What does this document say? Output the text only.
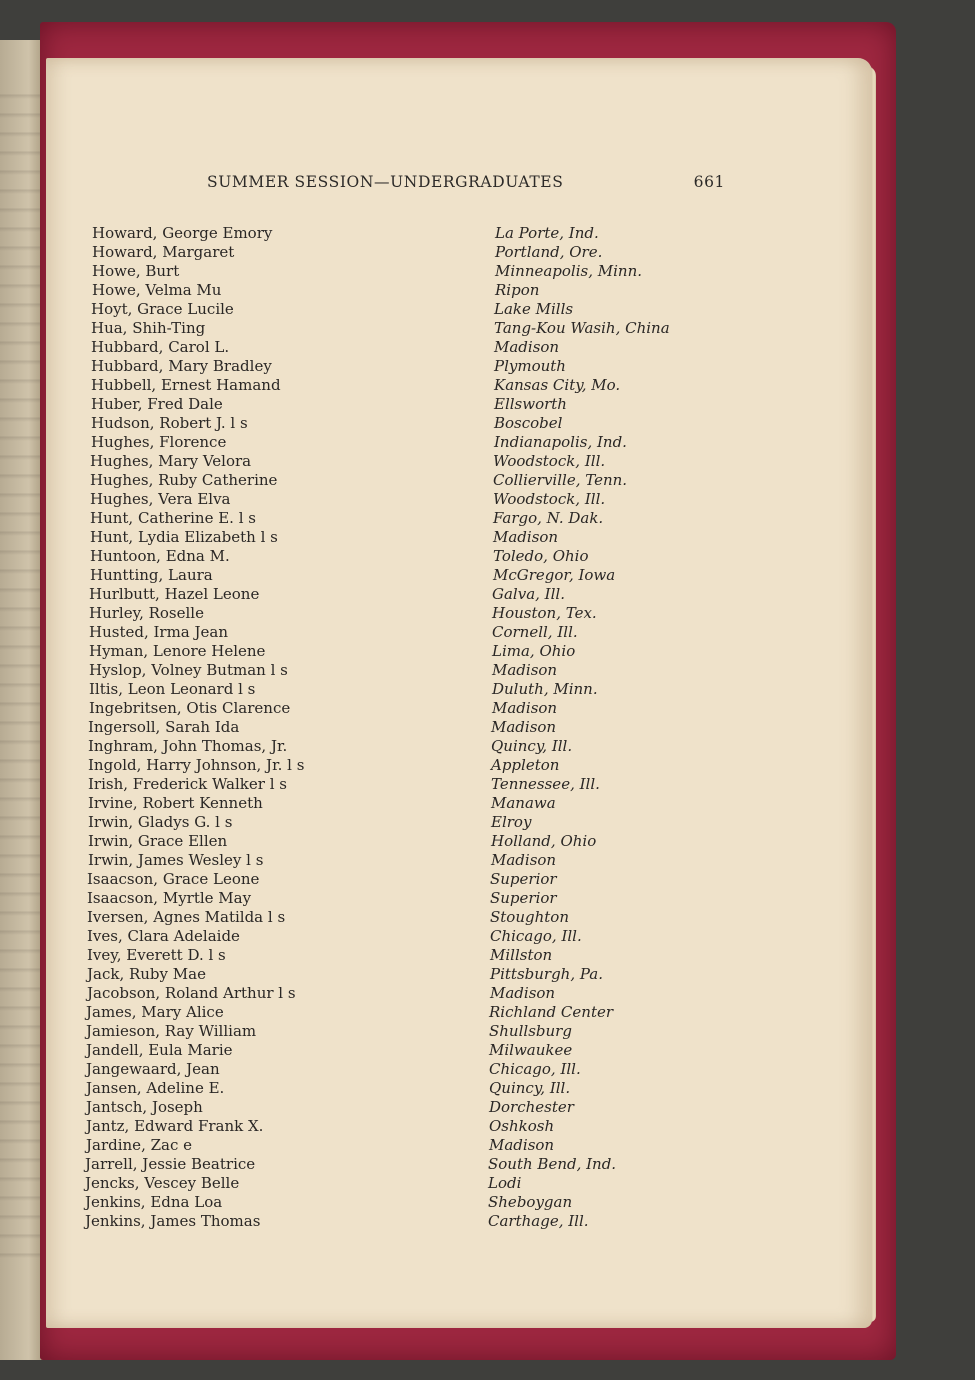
SUMMER SESSION—UNDERGRADUATES	661
Howard, George Emory	La Porte, Ind.
Howard, Margaret	Portland, Ore.
Howe, Burt	Minneapolis, Minn.
Howe, Velma Mu	Ripon
Hoyt, Grace Lucile	Lake Mills
Hua, Shih-Ting	Tang-Kou Wasih, China
Hubbard, Carol L.	Madison
Hubbard, Mary Bradley	Plymouth
Hubbell, Ernest Hamand	Kansas City, Mo.
Huber, Fred Dale	Ellsworth
Hudson, Robert J. l s	Boscobel
Hughes, Florence	Indianapolis, Ind.
Hughes, Mary Velora	Woodstock, Ill.
Hughes, Ruby Catherine	Collierville, Tenn.
Hughes, Vera Elva	Woodstock, Ill.
Hunt, Catherine E. l s	Fargo, N. Dak.
Hunt, Lydia Elizabeth l s	Madison
Huntoon, Edna M.	Toledo, Ohio
Huntting, Laura	McGregor, Iowa
Hurlbutt, Hazel Leone	Galva, Ill.
Hurley, Roselle	Houston, Tex.
Husted, Irma Jean	Cornell, Ill.
Hyman, Lenore Helene	Lima, Ohio
Hyslop, Volney Butman l s	Madison
Iltis, Leon Leonard l s	Duluth, Minn.
Ingebritsen, Otis Clarence	Madison
Ingersoll, Sarah Ida	Madison
Inghram, John Thomas, Jr.	Quincy, Ill.
Ingold, Harry Johnson, Jr. l s	Appleton
Irish, Frederick Walker l s	Tennessee, Ill.
Irvine, Robert Kenneth	Manawa
Irwin, Gladys G. l s	Elroy
Irwin, Grace Ellen	Holland, Ohio
Irwin, James Wesley l s	Madison
Isaacson, Grace Leone	Superior
Isaacson, Myrtle May	Superior
Iversen, Agnes Matilda l s	Stoughton
Ives, Clara Adelaide	Chicago, Ill.
Ivey, Everett D. l s	Millston
Jack, Ruby Mae	Pittsburgh, Pa.
Jacobson, Roland Arthur l s	Madison
James, Mary Alice	Richland Center
Jamieson, Ray William	Shullsburg
Jandell, Eula Marie	Milwaukee
Jangewaard, Jean	Chicago, Ill.
Jansen, Adeline E.	Quincy, Ill.
Jantsch, Joseph	Dorchester
Jantz, Edward Frank X.	Oshkosh
Jardine, Zac e	Madison
Jarrell, Jessie Beatrice	South Bend, Ind.
Jencks, Vescey Belle	Lodi
Jenkins, Edna Loa	Sheboygan
Jenkins, James Thomas	Carthage, Ill.
